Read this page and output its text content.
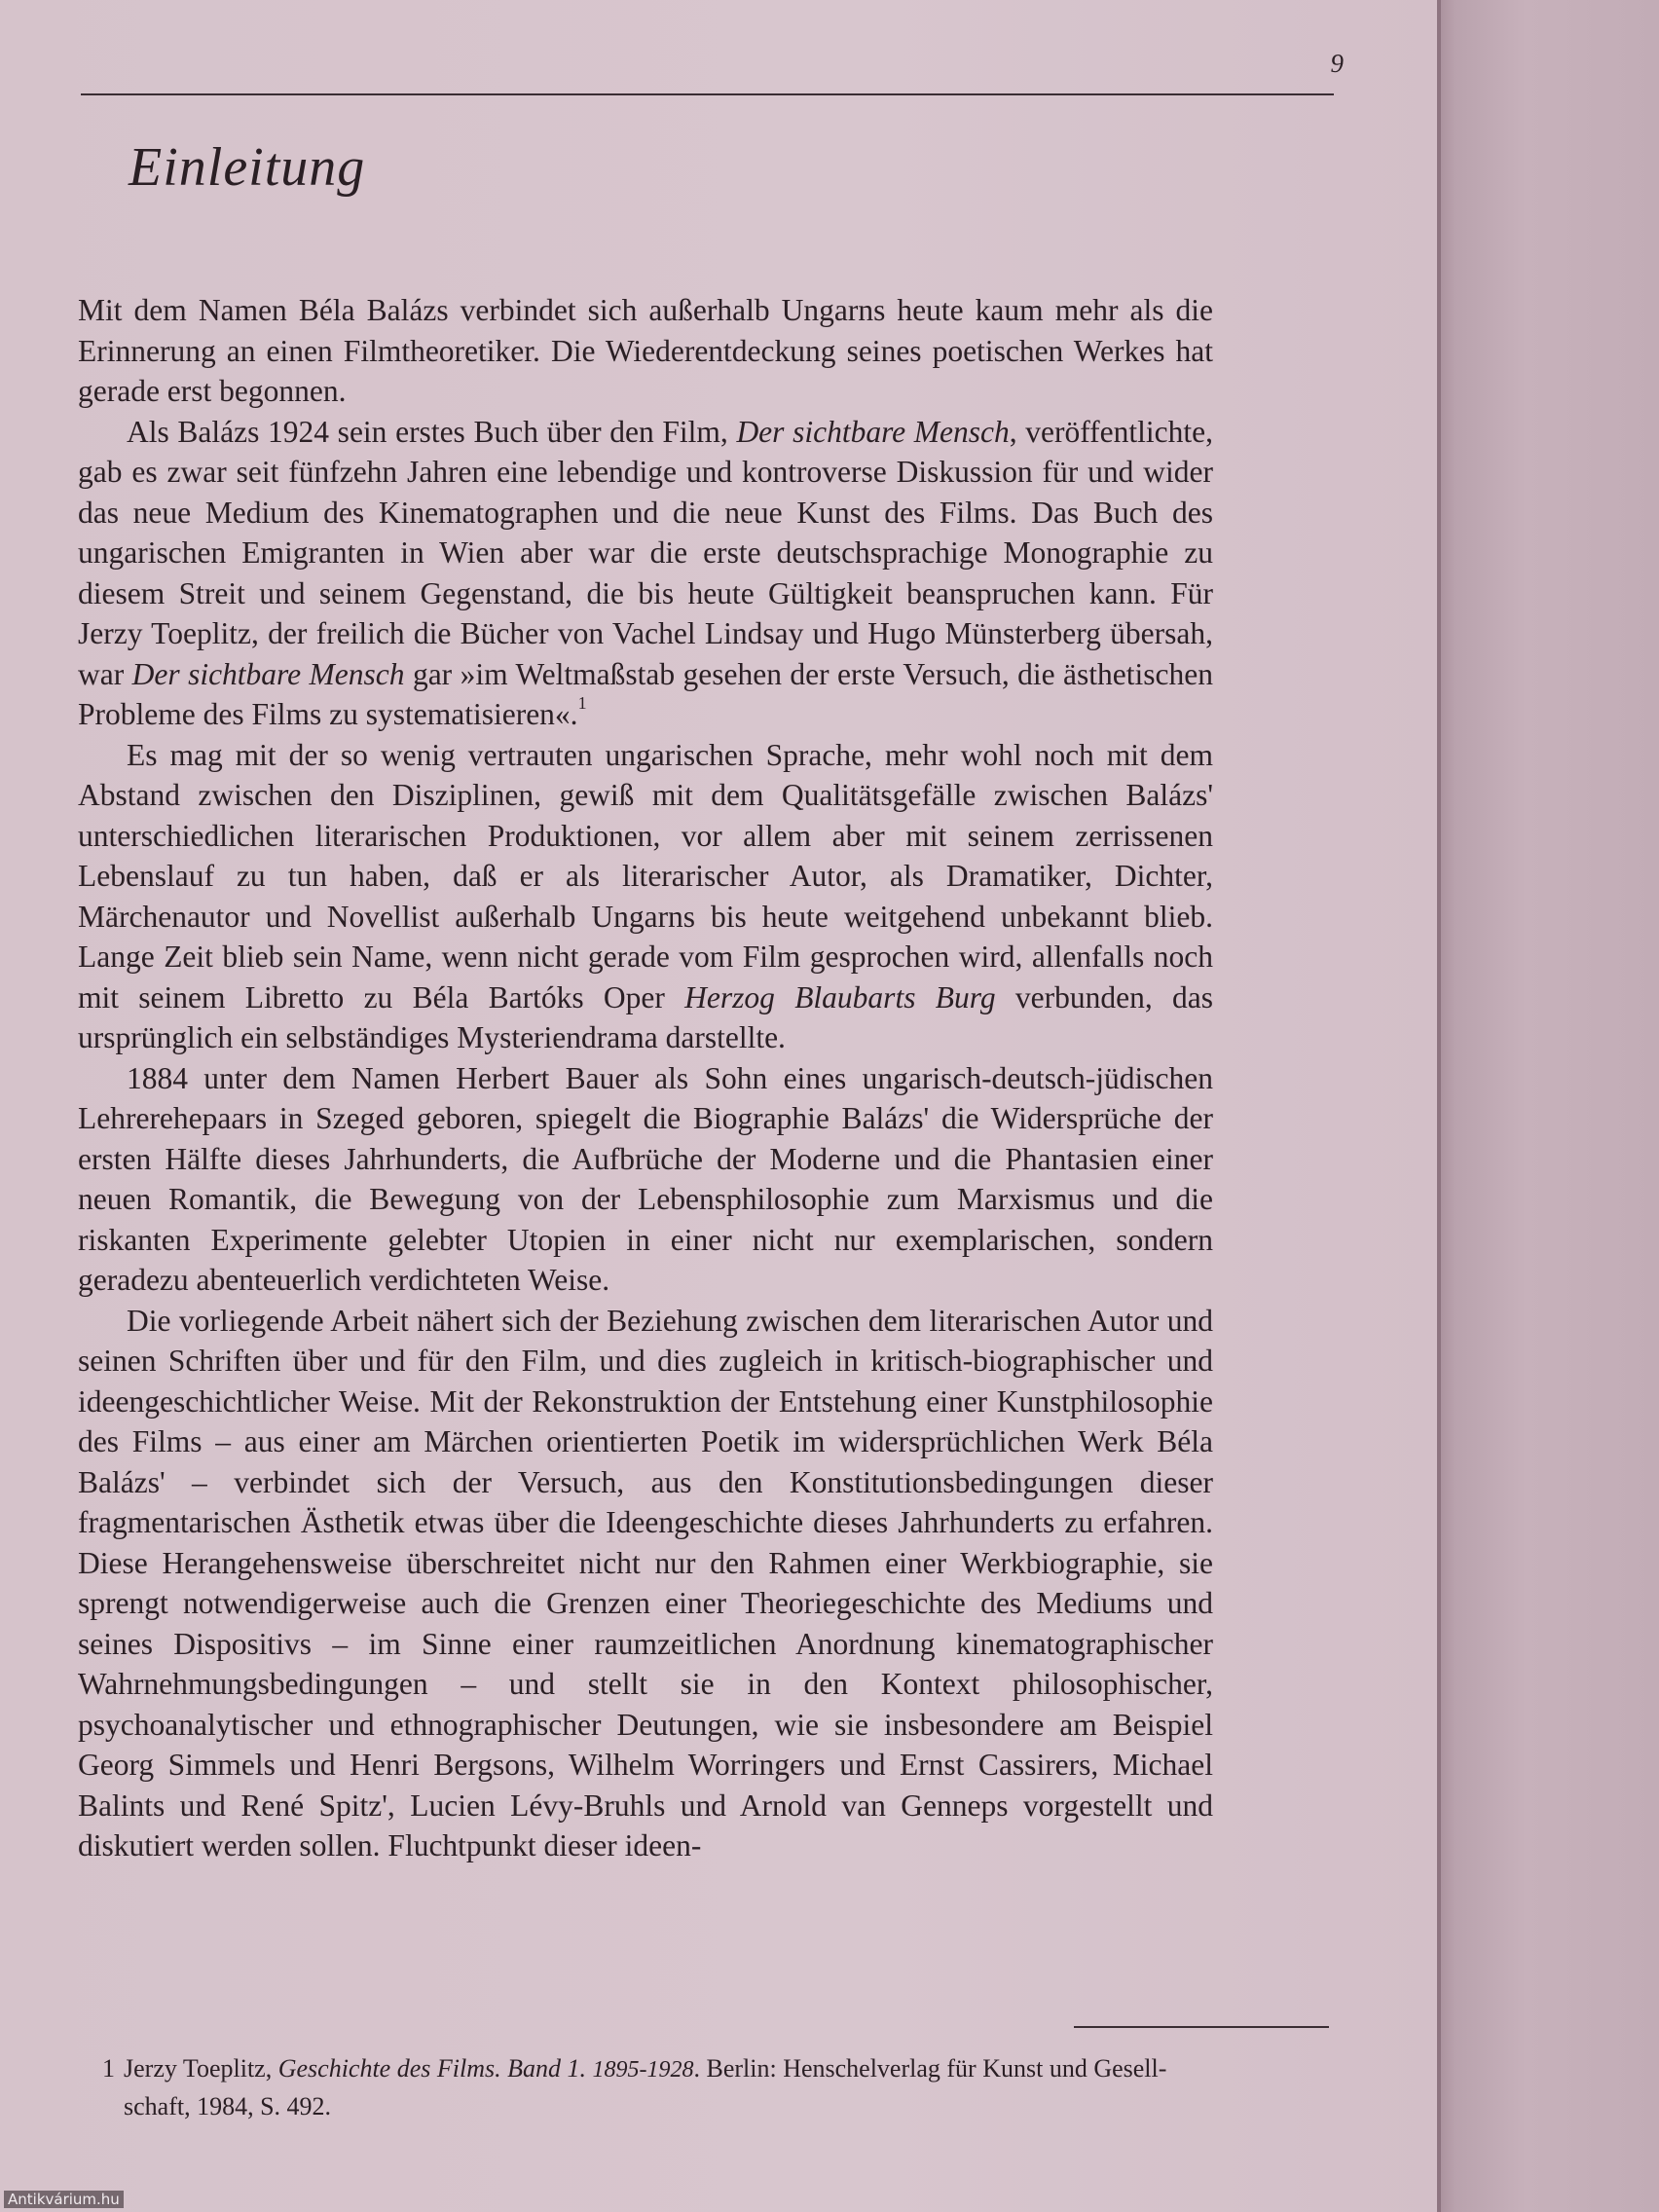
9
Einleitung

Mit dem Namen Béla Balázs verbindet sich außerhalb Ungarns heute kaum mehr als die Erinnerung an einen Filmtheoretiker. Die Wiederentdeckung seines poetischen Werkes hat gerade erst begonnen.

Als Balázs 1924 sein erstes Buch über den Film, Der sichtbare Mensch, veröffentlichte, gab es zwar seit fünfzehn Jahren eine lebendige und kontroverse Diskussion für und wider das neue Medium des Kinematographen und die neue Kunst des Films. Das Buch des ungarischen Emigranten in Wien aber war die erste deutschsprachige Monographie zu diesem Streit und seinem Gegenstand, die bis heute Gültigkeit beanspruchen kann. Für Jerzy Toeplitz, der freilich die Bücher von Vachel Lindsay und Hugo Münsterberg übersah, war Der sichtbare Mensch gar »im Weltmaßstab gesehen der erste Versuch, die ästhetischen Probleme des Films zu systematisieren«.$^1$

Es mag mit der so wenig vertrauten ungarischen Sprache, mehr wohl noch mit dem Abstand zwischen den Disziplinen, gewiß mit dem Qualitätsgefälle zwischen Balázs' unterschiedlichen literarischen Produktionen, vor allem aber mit seinem zerrissenen Lebenslauf zu tun haben, daß er als literarischer Autor, als Dramatiker, Dichter, Märchenautor und Novellist außerhalb Ungarns bis heute weitgehend unbekannt blieb. Lange Zeit blieb sein Name, wenn nicht gerade vom Film gesprochen wird, allenfalls noch mit seinem Libretto zu Béla Bartóks Oper Herzog Blaubarts Burg verbunden, das ursprünglich ein selbständiges Mysteriendrama darstellte.

1884 unter dem Namen Herbert Bauer als Sohn eines ungarisch-deutsch-jüdischen Lehrerehepaars in Szeged geboren, spiegelt die Biographie Balázs' die Widersprüche der ersten Hälfte dieses Jahrhunderts, die Aufbrüche der Moderne und die Phantasien einer neuen Romantik, die Bewegung von der Lebensphilosophie zum Marxismus und die riskanten Experimente gelebter Utopien in einer nicht nur exemplarischen, sondern geradezu abenteuerlich verdichteten Weise.

Die vorliegende Arbeit nähert sich der Beziehung zwischen dem literarischen Autor und seinen Schriften über und für den Film, und dies zugleich in kritisch-biographischer und ideengeschichtlicher Weise. Mit der Rekonstruktion der Entstehung einer Kunstphilosophie des Films – aus einer am Märchen orientierten Poetik im widersprüchlichen Werk Béla Balázs' – verbindet sich der Versuch, aus den Konstitutionsbedingungen dieser fragmentarischen Ästhetik etwas über die Ideengeschichte dieses Jahrhunderts zu erfahren. Diese Herangehensweise überschreitet nicht nur den Rahmen einer Werkbiographie, sie sprengt notwendigerweise auch die Grenzen einer Theoriegeschichte des Mediums und seines Dispositivs – im Sinne einer raumzeitlichen Anordnung kinematographischer Wahrnehmungsbedingungen – und stellt sie in den Kontext philosophischer, psychoanalytischer und ethnographischer Deutungen, wie sie insbesondere am Beispiel Georg Simmels und Henri Bergsons, Wilhelm Worringers und Ernst Cassirers, Michael Balints und René Spitz', Lucien Lévy-Bruhls und Arnold van Genneps vorgestellt und diskutiert werden sollen. Fluchtpunkt dieser ideen-

1 Jerzy Toeplitz, Geschichte des Films. Band 1. 1895-1928. Berlin: Henschelverlag für Kunst und Gesell-
schaft, 1984, S. 492.
Antikvárium.hu
